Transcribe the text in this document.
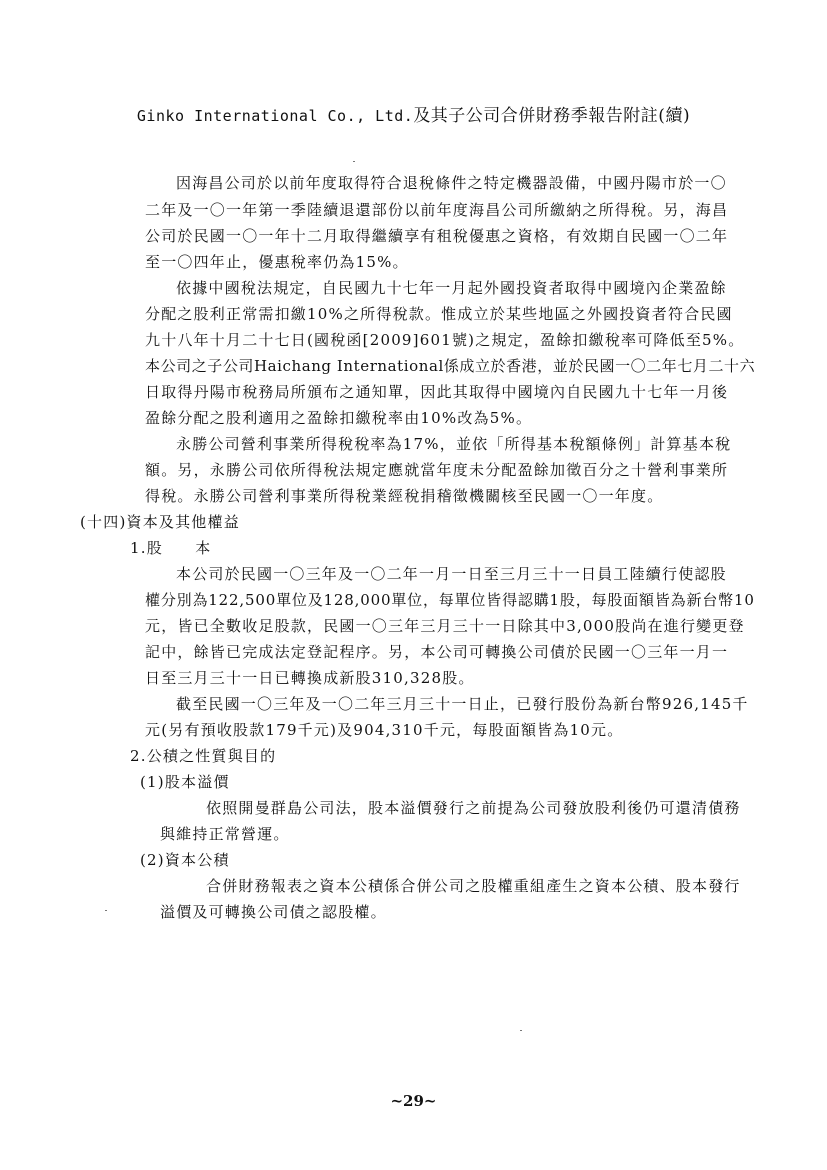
Ginko International Co., Ltd.及其子公司合併財務季報告附註(續)
因海昌公司於以前年度取得符合退稅條件之特定機器設備，中國丹陽市於一〇
二年及一〇一年第一季陸續退還部份以前年度海昌公司所繳納之所得稅。另，海昌
公司於民國一〇一年十二月取得繼續享有租稅優惠之資格，有效期自民國一〇二年
至一〇四年止，優惠稅率仍為15%。
依據中國稅法規定，自民國九十七年一月起外國投資者取得中國境內企業盈餘
分配之股利正常需扣繳10%之所得稅款。惟成立於某些地區之外國投資者符合民國
九十八年十月二十七日(國稅函[2009]601號)之規定，盈餘扣繳稅率可降低至5%。
本公司之子公司Haichang International係成立於香港，並於民國一〇二年七月二十六
日取得丹陽市稅務局所頒布之通知單，因此其取得中國境內自民國九十七年一月後
盈餘分配之股利適用之盈餘扣繳稅率由10%改為5%。
永勝公司營利事業所得稅稅率為17%，並依「所得基本稅額條例」計算基本稅
額。另，永勝公司依所得稅法規定應就當年度未分配盈餘加徵百分之十營利事業所
得稅。永勝公司營利事業所得稅業經稅捐稽徵機關核至民國一〇一年度。
(十四)資本及其他權益
1.股　　本
本公司於民國一〇三年及一〇二年一月一日至三月三十一日員工陸續行使認股
權分別為122,500單位及128,000單位，每單位皆得認購1股，每股面額皆為新台幣10
元，皆已全數收足股款，民國一〇三年三月三十一日除其中3,000股尚在進行變更登
記中，餘皆已完成法定登記程序。另，本公司可轉換公司債於民國一〇三年一月一
日至三月三十一日已轉換成新股310,328股。
截至民國一〇三年及一〇二年三月三十一日止，已發行股份為新台幣926,145千
元(另有預收股款179千元)及904,310千元，每股面額皆為10元。
2.公積之性質與目的
(1)股本溢價
依照開曼群島公司法，股本溢價發行之前提為公司發放股利後仍可還清債務
與維持正常營運。
(2)資本公積
合併財務報表之資本公積係合併公司之股權重組產生之資本公積、股本發行
溢價及可轉換公司債之認股權。
~29~
